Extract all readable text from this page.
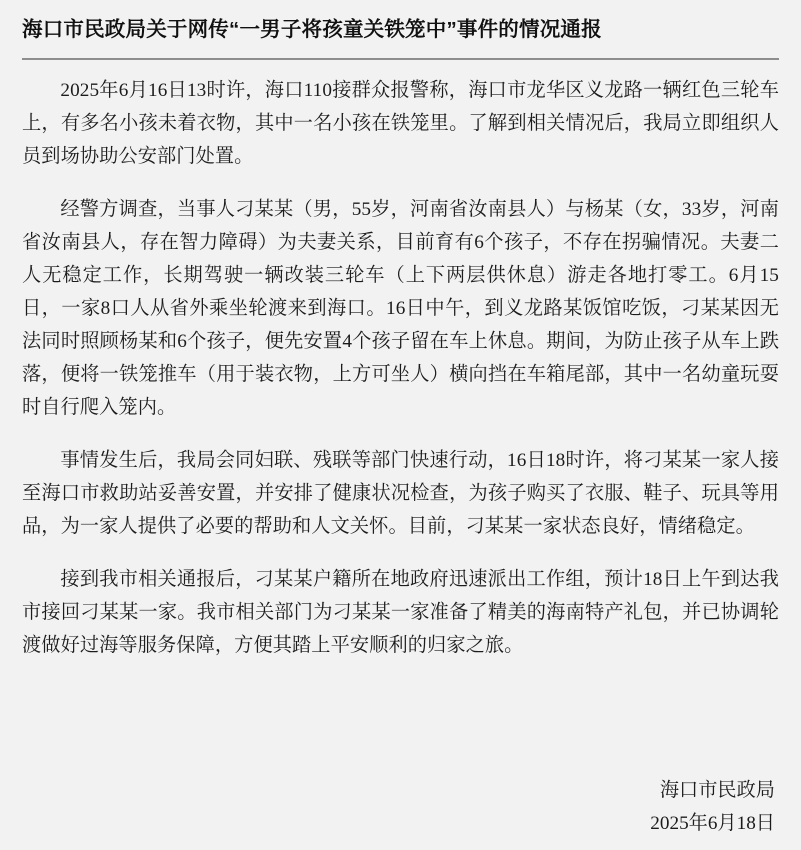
海口市民政局关于网传“一男子将孩童关铁笼中”事件的情况通报

2025年6月16日13时许，海口110接群众报警称，海口市龙华区义龙路一辆红色三轮车上，有多名小孩未着衣物，其中一名小孩在铁笼里。了解到相关情况后，我局立即组织人员到场协助公安部门处置。

经警方调查，当事人刁某某（男，55岁，河南省汝南县人）与杨某（女，33岁，河南省汝南县人，存在智力障碍）为夫妻关系，目前育有6个孩子，不存在拐骗情况。夫妻二人无稳定工作，长期驾驶一辆改装三轮车（上下两层供休息）游走各地打零工。6月15日，一家8口人从省外乘坐轮渡来到海口。16日中午，到义龙路某饭馆吃饭，刁某某因无法同时照顾杨某和6个孩子，便先安置4个孩子留在车上休息。期间，为防止孩子从车上跌落，便将一铁笼推车（用于装衣物，上方可坐人）横向挡在车箱尾部，其中一名幼童玩耍时自行爬入笼内。

事情发生后，我局会同妇联、残联等部门快速行动，16日18时许，将刁某某一家人接至海口市救助站妥善安置，并安排了健康状况检查，为孩子购买了衣服、鞋子、玩具等用品，为一家人提供了必要的帮助和人文关怀。目前，刁某某一家状态良好，情绪稳定。

接到我市相关通报后，刁某某户籍所在地政府迅速派出工作组，预计18日上午到达我市接回刁某某一家。我市相关部门为刁某某一家准备了精美的海南特产礼包，并已协调轮渡做好过海等服务保障，方便其踏上平安顺利的归家之旅。

海口市民政局
2025年6月18日
